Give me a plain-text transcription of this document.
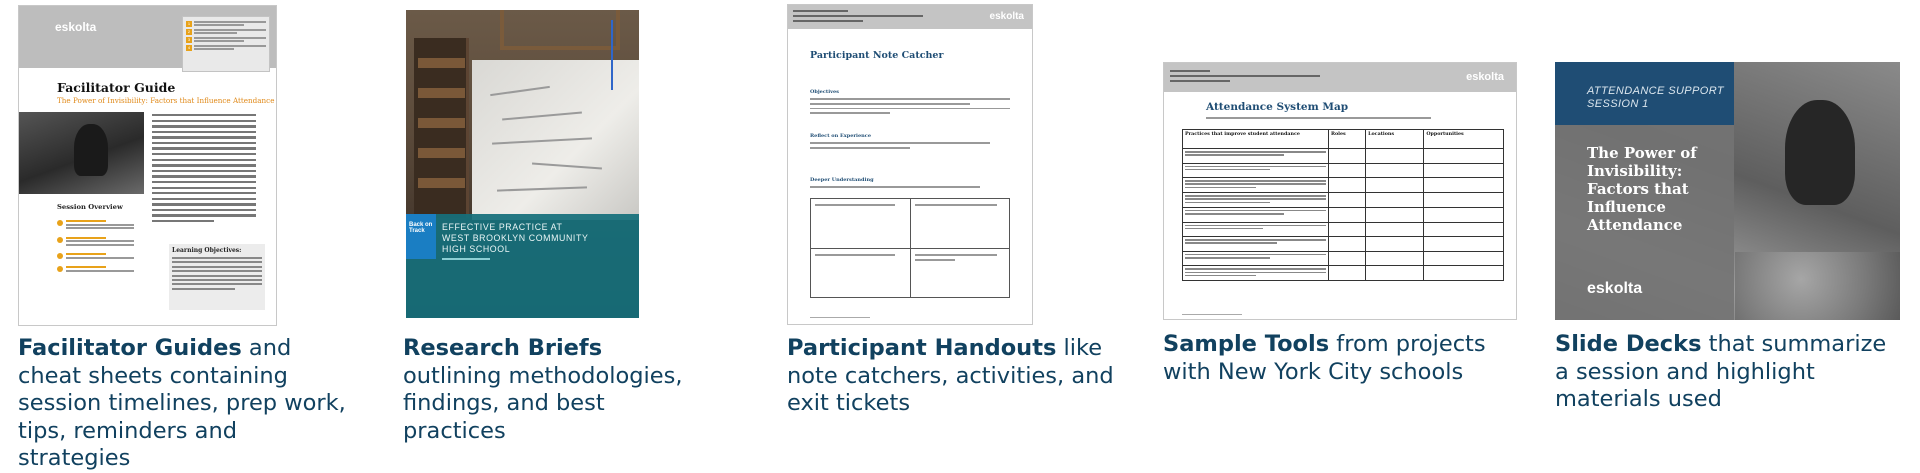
eskolta
	1
2
3
4
Facilitator Guide
The Power of Invisibility: Factors that Influence Attendance
Session Overview
Learning Objectives:
Facilitator Guides and cheat sheets containing session timelines, prep work, tips, reminders and strategies
Back on Track	EFFECTIVE PRACTICE AT
WEST BROOKLYN COMMUNITY
HIGH SCHOOL
Research Briefs outlining methodologies, findings, and best practices
eskolta
Participant Note Catcher
Objectives
Reflect on Experience
Deeper Understanding
Participant Handouts like note catchers, activities, and exit tickets
eskolta
Attendance System Map
Practices that improve student attendance	Roles	Locations	Opportunities

Sample Tools from projects with New York City schools
ATTENDANCE SUPPORT
SESSION 1
The Power of
Invisibility:
Factors that
Influence
Attendance
eskolta

Slide Decks that summarize a session and highlight materials used
